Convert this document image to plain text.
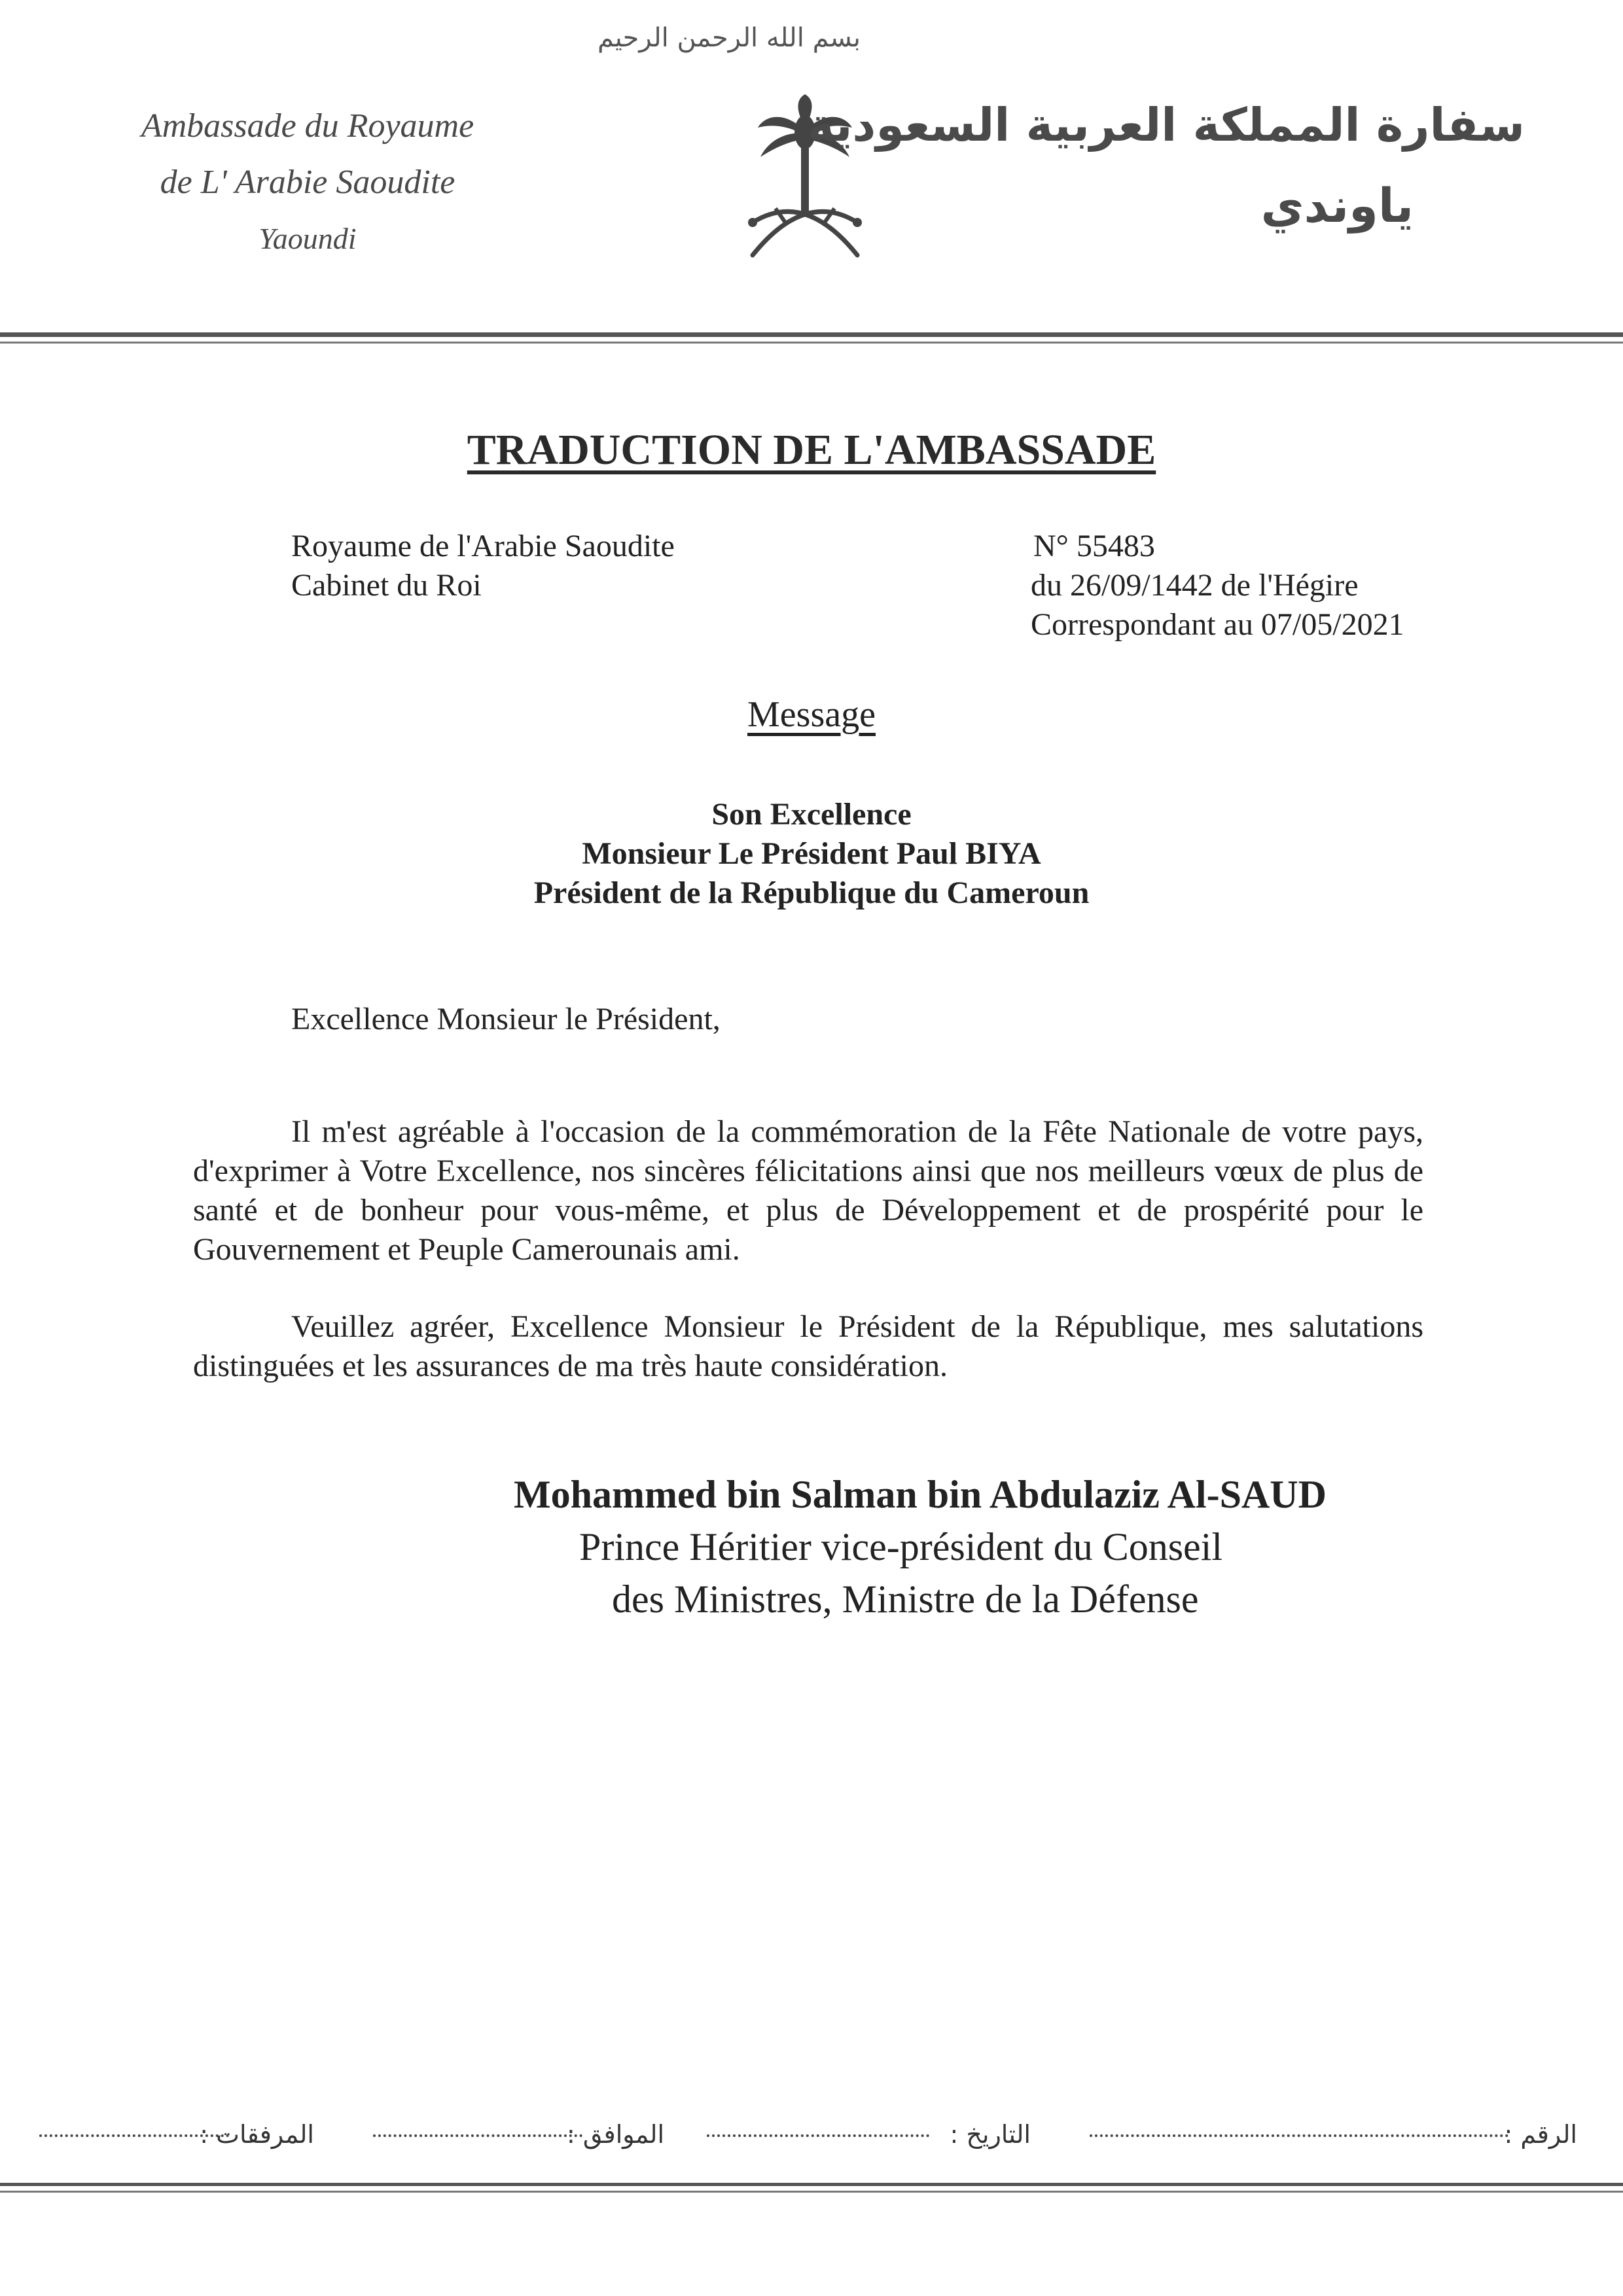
بسم الله الرحمن الرحيم
Ambassade du Royaume
de L' Arabie Saoudite
Yaoundi
سفارة المملكة العربية السعودية
ياوندي
TRADUCTION DE L'AMBASSADE
Royaume de l'Arabie Saoudite
Cabinet du Roi
N° 55483
du 26/09/1442 de l'Hégire
Correspondant au 07/05/2021
Message
Son Excellence
Monsieur Le Président Paul BIYA
Président de la République du Cameroun
Excellence Monsieur le Président,
Il m'est agréable à l'occasion de la commémoration de la Fête Nationale de votre pays, d'exprimer à Votre Excellence, nos sincères félicitations ainsi que nos meilleurs vœux de plus de santé et de bonheur pour vous-même, et plus de Développement et de prospérité pour le Gouvernement et Peuple Camerounais ami.
Veuillez agréer, Excellence Monsieur le Président de la République, mes salutations distinguées et les assurances de ma très haute considération.
Mohammed bin Salman bin Abdulaziz Al-SAUD
Prince Héritier vice-président du Conseil
des Ministres, Ministre de la Défense
الرقم :
التاريخ :
الموافق :
المرفقات :
